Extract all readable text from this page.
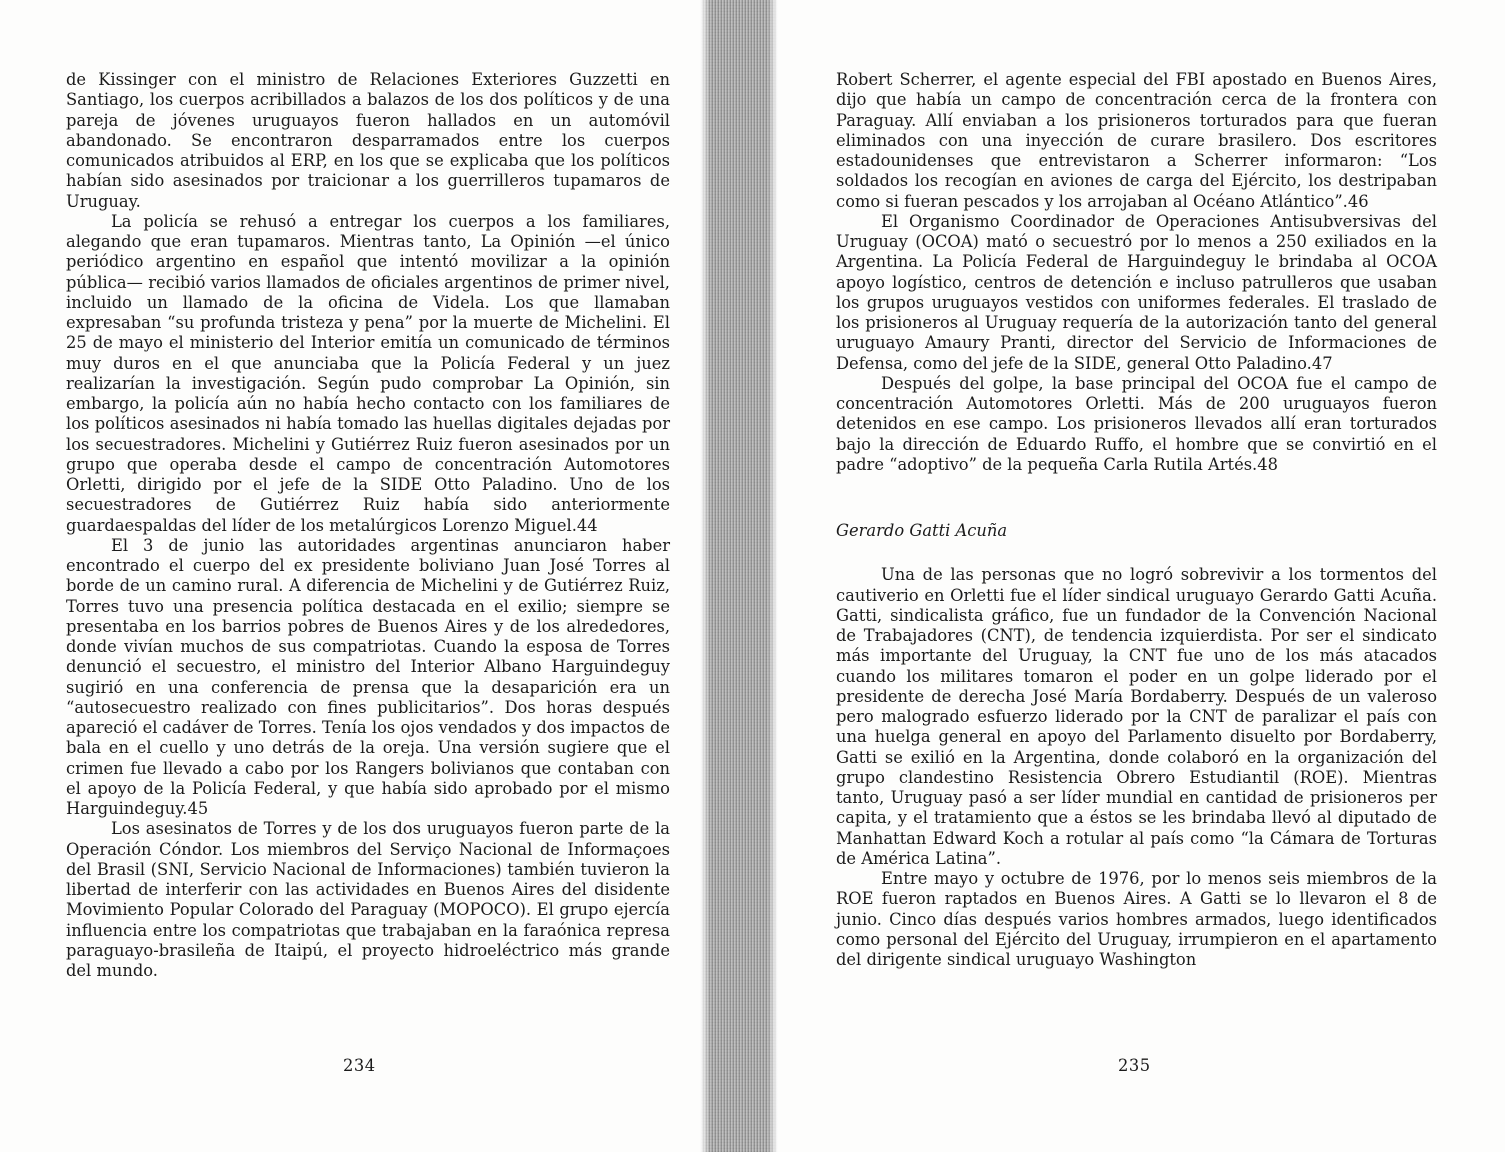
de Kissinger con el ministro de Relaciones Exteriores Guzzetti en Santiago, los cuerpos acribillados a balazos de los dos políticos y de una pareja de jóvenes uruguayos fueron hallados en un automóvil abandonado. Se encontraron desparramados entre los cuerpos comunicados atribuidos al ERP, en los que se explicaba que los políticos habían sido asesinados por traicionar a los guerrilleros tupamaros de Uruguay.

La policía se rehusó a entregar los cuerpos a los familiares, alegando que eran tupamaros. Mientras tanto, La Opinión —el único periódico argentino en español que intentó movilizar a la opinión pública— recibió varios llamados de oficiales argentinos de primer nivel, incluido un llamado de la oficina de Videla. Los que llamaban expresaban “su profunda tristeza y pena” por la muerte de Michelini. El 25 de mayo el ministerio del Interior emitía un comunicado de términos muy duros en el que anunciaba que la Policía Federal y un juez realizarían la investigación. Según pudo comprobar La Opinión, sin embargo, la policía aún no había hecho contacto con los familiares de los políticos asesinados ni había tomado las huellas digitales dejadas por los secuestradores. Michelini y Gutiérrez Ruiz fueron asesinados por un grupo que operaba desde el campo de concentración Automotores Orletti, dirigido por el jefe de la SIDE Otto Paladino. Uno de los secuestradores de Gutiérrez Ruiz había sido anteriormente guardaespaldas del líder de los metalúrgicos Lorenzo Miguel.44

El 3 de junio las autoridades argentinas anunciaron haber encontrado el cuerpo del ex presidente boliviano Juan José Torres al borde de un camino rural. A diferencia de Michelini y de Gutiérrez Ruiz, Torres tuvo una presencia política destacada en el exilio; siempre se presentaba en los barrios pobres de Buenos Aires y de los alrededores, donde vivían muchos de sus compatriotas. Cuando la esposa de Torres denunció el secuestro, el ministro del Interior Albano Harguindeguy sugirió en una conferencia de prensa que la desaparición era un “autosecuestro realizado con fines publicitarios”. Dos horas después apareció el cadáver de Torres. Tenía los ojos vendados y dos impactos de bala en el cuello y uno detrás de la oreja. Una versión sugiere que el crimen fue llevado a cabo por los Rangers bolivianos que contaban con el apoyo de la Policía Federal, y que había sido aprobado por el mismo Harguindeguy.45

Los asesinatos de Torres y de los dos uruguayos fueron parte de la Operación Cóndor. Los miembros del Serviço Nacional de Informaçoes del Brasil (SNI, Servicio Nacional de Informaciones) también tuvieron la libertad de interferir con las actividades en Buenos Aires del disidente Movimiento Popular Colorado del Paraguay (MOPOCO). El grupo ejercía influencia entre los compatriotas que trabajaban en la faraónica represa paraguayo-brasileña de Itaipú, el proyecto hidroeléctrico más grande del mundo.

234

Robert Scherrer, el agente especial del FBI apostado en Buenos Aires, dijo que había un campo de concentración cerca de la frontera con Paraguay. Allí enviaban a los prisioneros torturados para que fueran eliminados con una inyección de curare brasilero. Dos escritores estadounidenses que entrevistaron a Scherrer informaron: “Los soldados los recogían en aviones de carga del Ejército, los destripaban como si fueran pescados y los arrojaban al Océano Atlántico”.46

El Organismo Coordinador de Operaciones Antisubversivas del Uruguay (OCOA) mató o secuestró por lo menos a 250 exiliados en la Argentina. La Policía Federal de Harguindeguy le brindaba al OCOA apoyo logístico, centros de detención e incluso patrulleros que usaban los grupos uruguayos vestidos con uniformes federales. El traslado de los prisioneros al Uruguay requería de la autorización tanto del general uruguayo Amaury Pranti, director del Servicio de Informaciones de Defensa, como del jefe de la SIDE, general Otto Paladino.47

Después del golpe, la base principal del OCOA fue el campo de concentración Automotores Orletti. Más de 200 uruguayos fueron detenidos en ese campo. Los prisioneros llevados allí eran torturados bajo la dirección de Eduardo Ruffo, el hombre que se convirtió en el padre “adoptivo” de la pequeña Carla Rutila Artés.48

Gerardo Gatti Acuña

Una de las personas que no logró sobrevivir a los tormentos del cautiverio en Orletti fue el líder sindical uruguayo Gerardo Gatti Acuña. Gatti, sindicalista gráfico, fue un fundador de la Convención Nacional de Trabajadores (CNT), de tendencia izquierdista. Por ser el sindicato más importante del Uruguay, la CNT fue uno de los más atacados cuando los militares tomaron el poder en un golpe liderado por el presidente de derecha José María Bordaberry. Después de un valeroso pero malogrado esfuerzo liderado por la CNT de paralizar el país con una huelga general en apoyo del Parlamento disuelto por Bordaberry, Gatti se exilió en la Argentina, donde colaboró en la organización del grupo clandestino Resistencia Obrero Estudiantil (ROE). Mientras tanto, Uruguay pasó a ser líder mundial en cantidad de prisioneros per capita, y el tratamiento que a éstos se les brindaba llevó al diputado de Manhattan Edward Koch a rotular al país como “la Cámara de Torturas de América Latina”.

Entre mayo y octubre de 1976, por lo menos seis miembros de la ROE fueron raptados en Buenos Aires. A Gatti se lo llevaron el 8 de junio. Cinco días después varios hombres armados, luego identificados como personal del Ejército del Uruguay, irrumpieron en el apartamento del dirigente sindical uruguayo Washington

235
